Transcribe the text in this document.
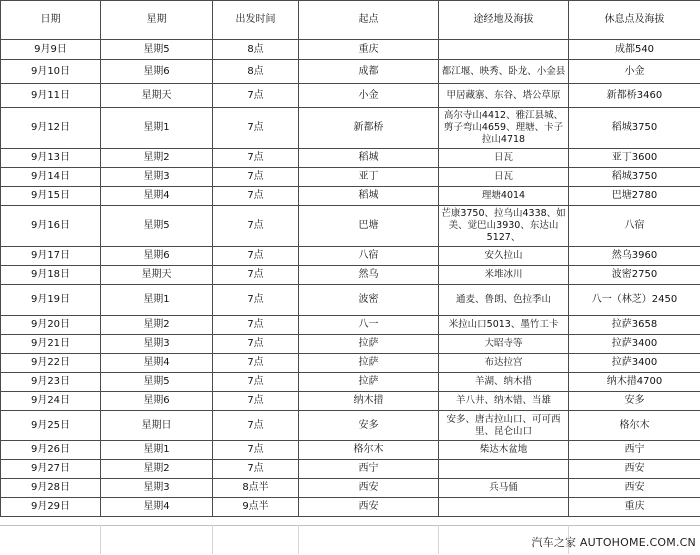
日期	星期	出发时间	起点	途经地及海拔	休息点及海拔
9月9日	星期5	8点	重庆		成都540
9月10日	星期6	8点	成都	都江堰、映秀、卧龙、小金县	小金
9月11日	星期天	7点	小金	甲居藏寨、东谷、塔公草原	新都桥3460
9月12日	星期1	7点	新都桥	高尔寺山4412、雅江县城、剪子弯山4659、理塘、卡子拉山4718	稻城3750
9月13日	星期2	7点	稻城	日瓦	亚丁3600
9月14日	星期3	7点	亚丁	日瓦	稻城3750
9月15日	星期4	7点	稻城	理塘4014	巴塘2780
9月16日	星期5	7点	巴塘	芒康3750、拉乌山4338、如美、觉巴山3930、东达山5127、	八宿
9月17日	星期6	7点	八宿	安久拉山	然乌3960
9月18日	星期天	7点	然乌	米堆冰川	波密2750
9月19日	星期1	7点	波密	通麦、鲁朗、色拉季山	八一（林芝）2450
9月20日	星期2	7点	八一	米拉山口5013、墨竹工卡	拉萨3658
9月21日	星期3	7点	拉萨	大昭寺等	拉萨3400
9月22日	星期4	7点	拉萨	布达拉宫	拉萨3400
9月23日	星期5	7点	拉萨	羊湖、纳木措	纳木措4700
9月24日	星期6	7点	纳木措	羊八井、纳木错、当雄	安多
9月25日	星期日	7点	安多	安多、唐古拉山口、可可西里、昆仑山口	格尔木
9月26日	星期1	7点	格尔木	柴达木盆地	西宁
9月27日	星期2	7点	西宁		西安
9月28日	星期3	8点半	西安	兵马俑	西安
9月29日	星期4	9点半	西安		重庆
汽车之家 AUTOHOME.COM.CN
